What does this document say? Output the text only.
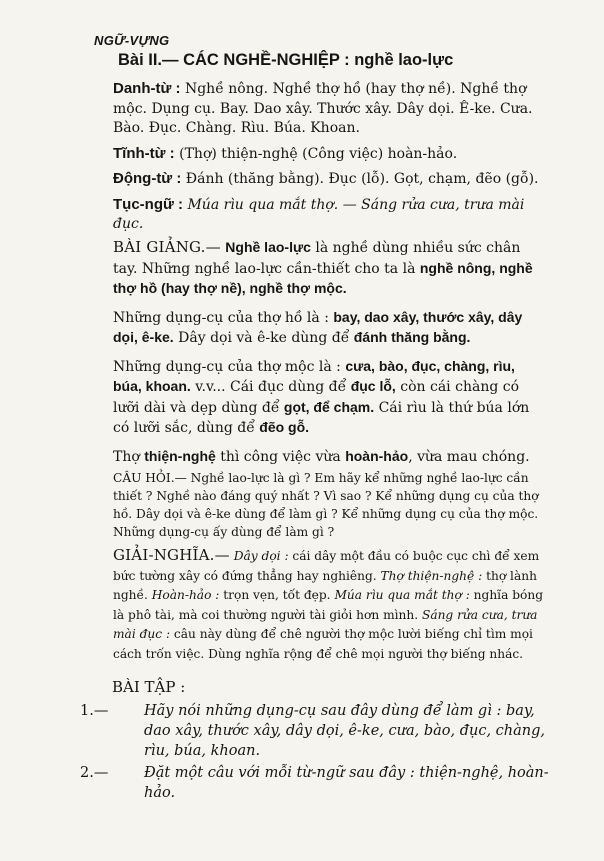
NGỮ-VỰNG
Bài II.— CÁC NGHỀ-NGHIỆP : nghề lao-lực
Danh-từ : Nghề nông. Nghề thợ hồ (hay thợ nề). Nghề thợ mộc. Dụng cụ. Bay. Dao xây. Thước xây. Dây dọi. Ê-ke. Cưa. Bào. Đục. Chàng. Rìu. Búa. Khoan.
Tĩnh-từ : (Thợ) thiện-nghệ (Công việc) hoàn-hảo.
Động-từ : Đánh (thăng bằng). Đục (lỗ). Gọt, chạm, đẽo (gỗ).
Tục-ngữ : Múa rìu qua mắt thợ. — Sáng rửa cưa, trưa mài đục.
BÀI GIẢNG.— Nghề lao-lực là nghề dùng nhiều sức chân tay. Những nghề lao-lực cần-thiết cho ta là nghề nông, nghề thợ hồ (hay thợ nề), nghề thợ mộc.
Những dụng-cụ của thợ hồ là : bay, dao xây, thước xây, dây dọi, ê-ke. Dây dọi và ê-ke dùng để đánh thăng bằng.
Những dụng-cụ của thợ mộc là : cưa, bào, đục, chàng, rìu, búa, khoan. v.v... Cái đục dùng để đục lỗ, còn cái chàng có lưỡi dài và dẹp dùng để gọt, để chạm. Cái rìu là thứ búa lớn có lưỡi sắc, dùng để đẽo gỗ.
Thợ thiện-nghệ thì công việc vừa hoàn-hảo, vừa mau chóng.
CÂU HỎI.— Nghề lao-lực là gì ? Em hãy kể những nghề lao-lực cần thiết ? Nghề nào đáng quý nhất ? Vì sao ? Kể những dụng cụ của thợ hồ. Dây dọi và ê-ke dùng để làm gì ? Kể những dụng cụ của thợ mộc. Những dụng-cụ ấy dùng để làm gì ?
GIẢI-NGHĨA.— Dây dọi : cái dây một đầu có buộc cục chì để xem bức tường xây có đứng thẳng hay nghiêng. Thợ thiện-nghệ : thợ lành nghề. Hoàn-hảo : trọn vẹn, tốt đẹp. Múa rìu qua mắt thợ : nghĩa bóng là phô tài, mà coi thường người tài giỏi hơn mình. Sáng rửa cưa, trưa mài đục : câu này dùng để chê người thợ mộc lười biếng chỉ tìm mọi cách trốn việc. Dùng nghĩa rộng để chê mọi người thợ biếng nhác.
BÀI TẬP :
1.— Hãy nói những dụng-cụ sau đây dùng để làm gì : bay, dao xây, thước xây, dây dọi, ê-ke, cưa, bào, đục, chàng, rìu, búa, khoan.
2.— Đặt một câu với mỗi từ-ngữ sau đây : thiện-nghệ, hoàn-hảo.
